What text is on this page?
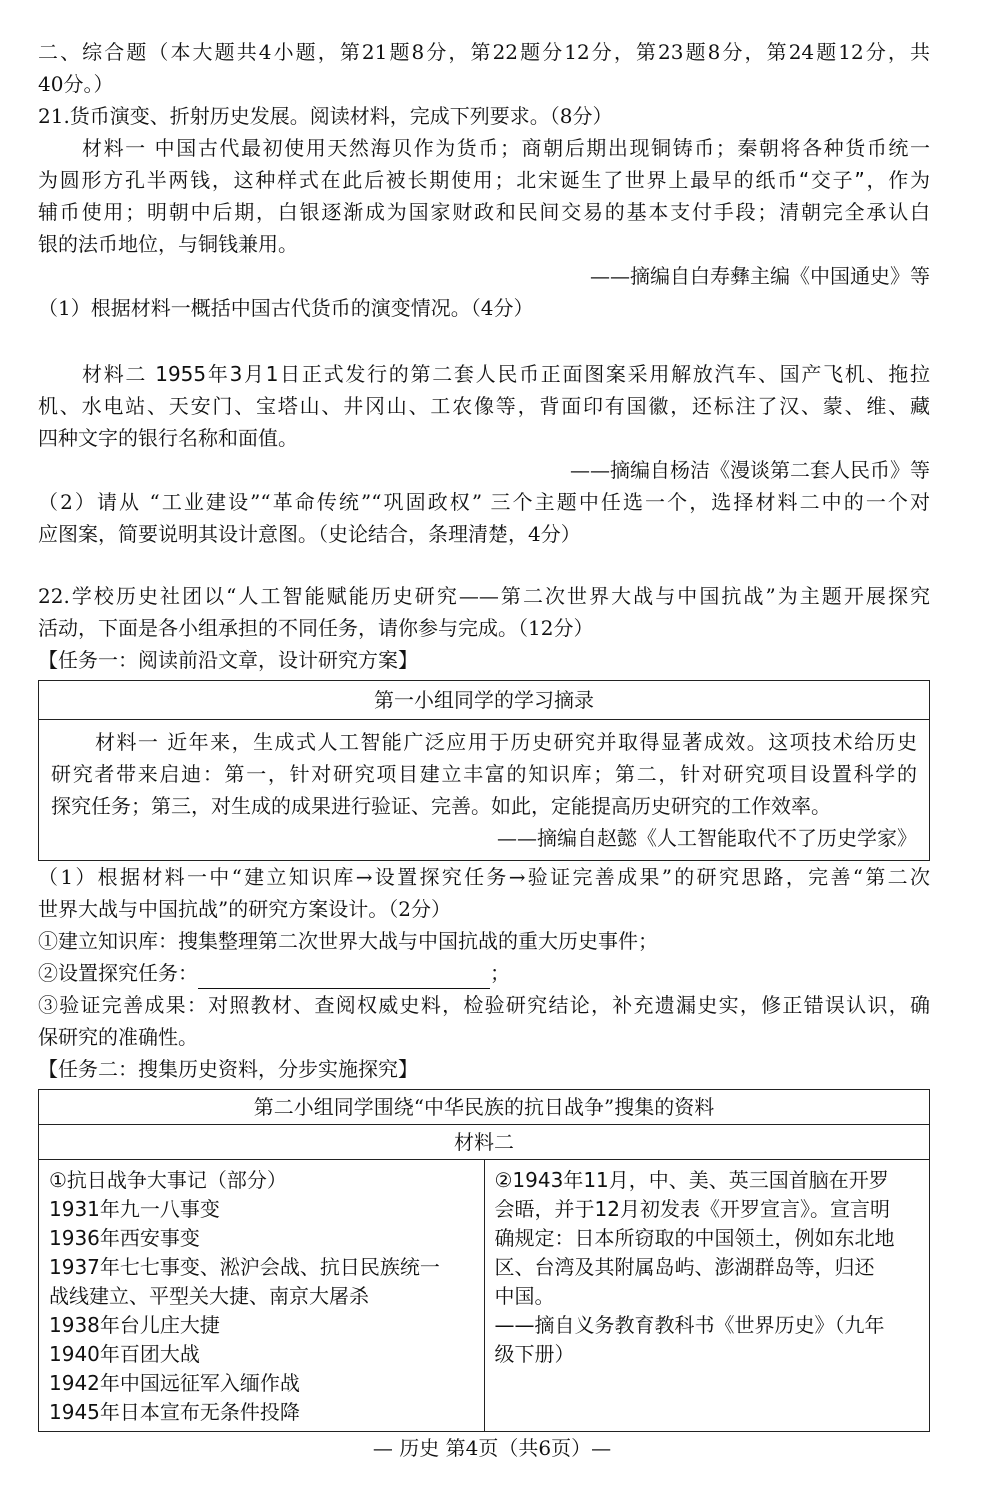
二、综合题（本大题共4小题，第21题8分，第22题分12分，第23题8分，第24题12分，共
40分。）
21.货币演变、折射历史发展。阅读材料，完成下列要求。（8分）
材料一 中国古代最初使用天然海贝作为货币；商朝后期出现铜铸币；秦朝将各种货币统一
为圆形方孔半两钱，这种样式在此后被长期使用；北宋诞生了世界上最早的纸币“交子”，作为
辅币使用；明朝中后期，白银逐渐成为国家财政和民间交易的基本支付手段；清朝完全承认白
银的法币地位，与铜钱兼用。
——摘编自白寿彝主编《中国通史》等
（1）根据材料一概括中国古代货币的演变情况。（4分）
材料二 1955年3月1日正式发行的第二套人民币正面图案采用解放汽车、国产飞机、拖拉
机、水电站、天安门、宝塔山、井冈山、工农像等，背面印有国徽，还标注了汉、蒙、维、藏
四种文字的银行名称和面值。
——摘编自杨洁《漫谈第二套人民币》等
（2）请从 “工业建设”“革命传统”“巩固政权” 三个主题中任选一个，选择材料二中的一个对
应图案，简要说明其设计意图。（史论结合，条理清楚，4分）
22.学校历史社团以“人工智能赋能历史研究——第二次世界大战与中国抗战”为主题开展探究
活动，下面是各小组承担的不同任务，请你参与完成。（12分）
【任务一：阅读前沿文章，设计研究方案】
第一小组同学的学习摘录
材料一 近年来，生成式人工智能广泛应用于历史研究并取得显著成效。这项技术给历史
研究者带来启迪：第一，针对研究项目建立丰富的知识库；第二，针对研究项目设置科学的
探究任务；第三，对生成的成果进行验证、完善。如此，定能提高历史研究的工作效率。
——摘编自赵懿《人工智能取代不了历史学家》
（1）根据材料一中“建立知识库→设置探究任务→验证完善成果”的研究思路，完善“第二次
世界大战与中国抗战”的研究方案设计。（2分）
①建立知识库：搜集整理第二次世界大战与中国抗战的重大历史事件；
②设置探究任务：	；
③验证完善成果：对照教材、查阅权威史料，检验研究结论，补充遗漏史实，修正错误认识，确
保研究的准确性。
【任务二：搜集历史资料，分步实施探究】
第二小组同学围绕“中华民族的抗日战争”搜集的资料
材料二
①抗日战争大事记（部分）
1931年九一八事变
1936年西安事变
1937年七七事变、淞沪会战、抗日民族统一
战线建立、平型关大捷、南京大屠杀
1938年台儿庄大捷
1940年百团大战
1942年中国远征军入缅作战
1945年日本宣布无条件投降
②1943年11月，中、美、英三国首脑在开罗
会晤，并于12月初发表《开罗宣言》。宣言明
确规定：日本所窃取的中国领土，例如东北地
区、台湾及其附属岛屿、澎湖群岛等，归还
中国。
——摘自义务教育教科书《世界历史》（九年
级下册）
— 历史 第4页（共6页）—
